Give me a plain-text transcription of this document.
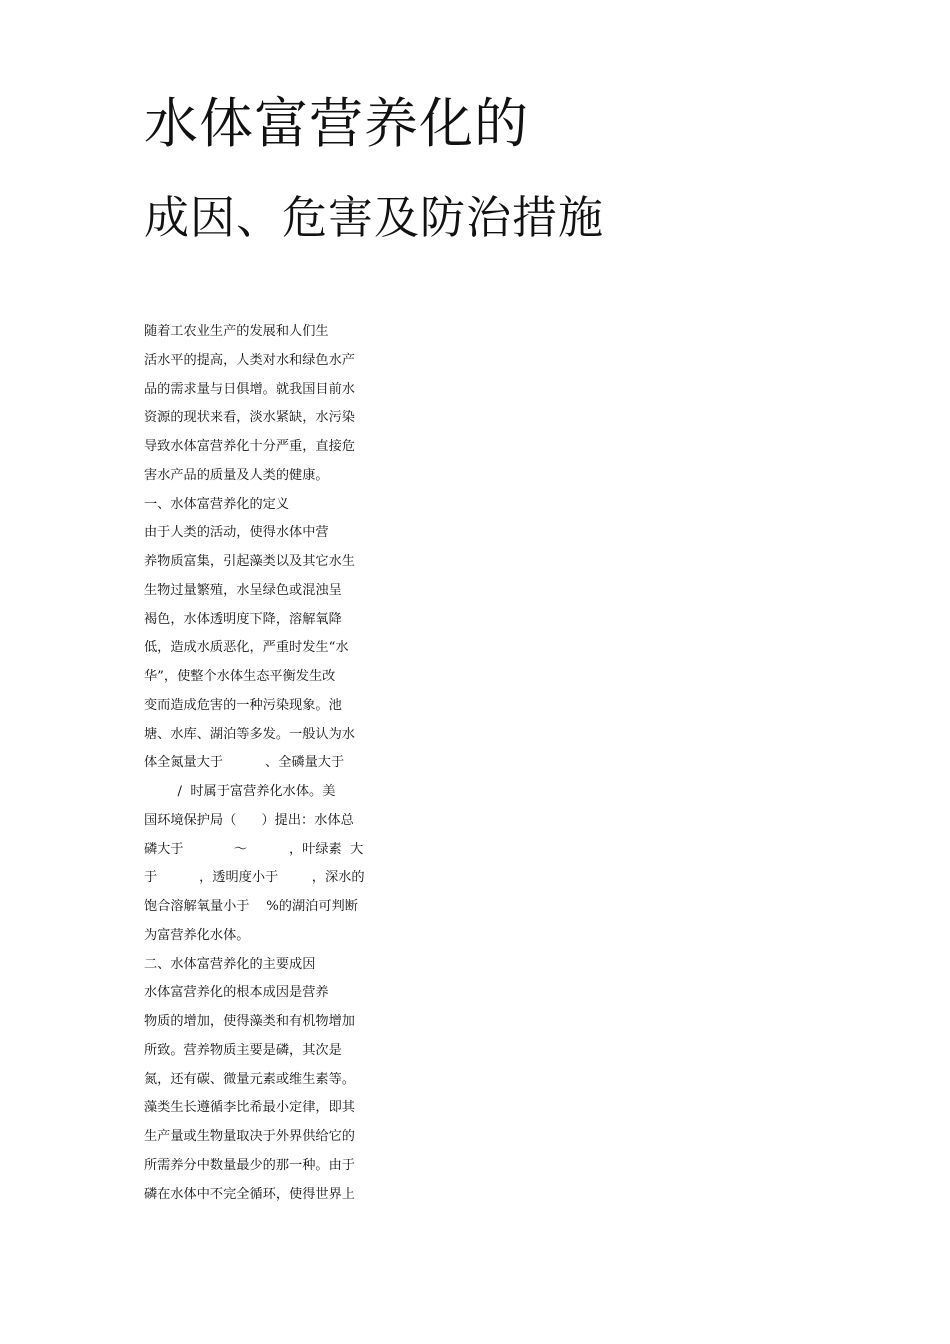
水体富营养化的
成因、危害及防治措施
随着工农业生产的发展和人们生
活水平的提高，人类对水和绿色水产
品的需求量与日俱增。就我国目前水
资源的现状来看，淡水紧缺，水污染
导致水体富营养化十分严重，直接危
害水产品的质量及人类的健康。
一、水体富营养化的定义
由于人类的活动，使得水体中营
养物质富集，引起藻类以及其它水生
生物过量繁殖，水呈绿色或混浊呈
褐色，水体透明度下降，溶解氧降
低，造成水质恶化，严重时发生“水
华”，使整个水体生态平衡发生改
变而造成危害的一种污染现象。池
塘、水库、湖泊等多发。一般认为水
体全氮量大于          、全磷量大于
/  时属于富营养化水体。美
国环境保护局（      ）提出：水体总
磷大于            ～          ，叶绿素  大
于          ，透明度小于        ，深水的
饱合溶解氧量小于    %的湖泊可判断
为富营养化水体。
二、水体富营养化的主要成因
水体富营养化的根本成因是营养
物质的增加，使得藻类和有机物增加
所致。营养物质主要是磷，其次是
氮，还有碳、微量元素或维生素等。
藻类生长遵循李比希最小定律，即其
生产量或生物量取决于外界供给它的
所需养分中数量最少的那一种。由于
磷在水体中不完全循环，使得世界上
